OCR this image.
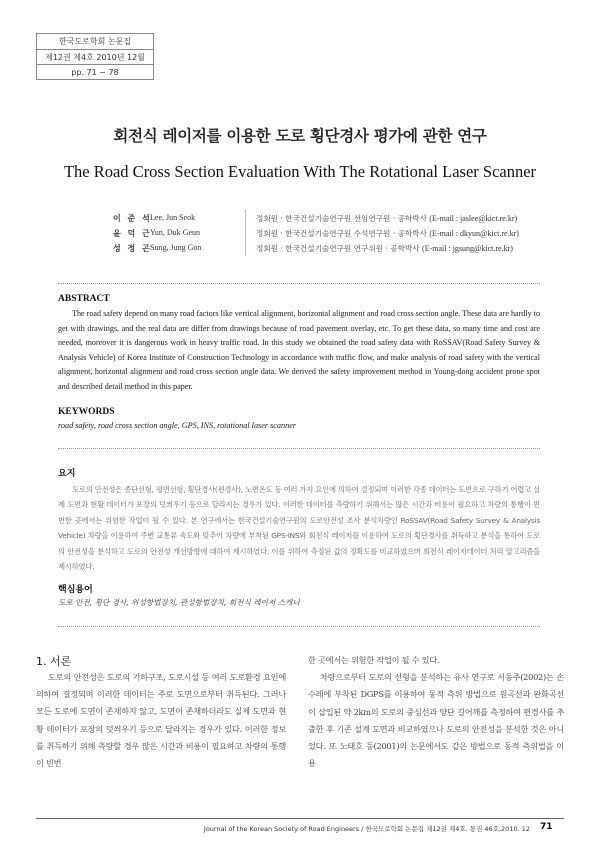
한국도로학회 논문집
제12권 제4호 2010년 12월
pp. 71 ~ 78
회전식 레이저를 이용한 도로 횡단경사 평가에 관한 연구
The Road Cross Section Evaluation With The Rotational Laser Scanner
이 준 석
Lee, Jun Seok	정회원 · 한국건설기술연구원 선임연구원 · 공학박사 (E-mail : jaslee@kict.re.kr)
윤 덕 근
Yun, Duk Geun	정회원 · 한국건설기술연구원 수석연구원 · 공학박사 (E-mail : dkyun@kict.re.kr)
성 정 곤
Sung, Jung Gon	정회원 · 한국건설기술연구원 연구위원 · 공학박사 (E-mail : jgsung@kict.re.kr)
ABSTRACT
The road safety depend on many road factors like vertical alignment, horizontal alignment and road cross section angle. These data are hardly to get with drawings, and the real data are differ from drawings because of road pavement overlay, etc. To get these data, so many time and cost are needed, moreover it is dangerous work in heavy traffic road. In this study we obtained the road safety data with RoSSAV(Road Safety Survey & Analysis Vehicle) of Korea Institute of Construction Technology in accordance with traffic flow, and make analysis of road safety with the vertical alignment, horizontal alignment and road cross section angle data. We derived the safety improvement method in Young-dong accident prone spot and described detail method in this paper.
KEYWORDS
road safety, road cross section angle, GPS, INS, rotational laser scanner
요지
도로의 안전성은 종단선형, 평면선형, 횡단경사(편경사), 노면온도 등 여러 가지 요인에 의하여 결정되며 이러한 각종 데이터는 도면으로 구하기 어렵고 실제 도면과 현황 데이터가 포장의 덧씌우기 등으로 달라지는 경우가 있다. 이러한 데이터를 측량하기 위해서는 많은 시간과 비용이 필요하고 차량의 통행이 빈번한 곳에서는 위험한 작업이 될 수 있다. 본 연구에서는 한국건설기술연구원의 도로안전성 조사 분석차량인 RoSSAV(Road Safety Survey & Analysis Vehicle) 차량을 이용하여 주변 교통류 속도와 맞추어 차량에 부착된 GPS-INS와 회전식 레이저를 이용하여 도로의 횡단경사를 취득하고 분석을 통하여 도로의 안전성을 분석하고 도로의 안전성 개선방향에 대하여 제시하였다. 이를 위하여 측정된 값의 정확도를 비교하였으며 회전식 레이저데이터 처리 알고리즘을 제시하였다.
핵심용어
도로 안전, 횡단 경사, 위성항법장치, 관성항법장치, 회전식 레이저 스캐너
1. 서론
도로의 안전성은 도로의 기하구조, 도로시설 등 여러 도로환경 요인에 의하여 결정되며 이러한 데이터는 주로 도면으로부터 취득된다. 그러나 모든 도로에 도면이 존재하지 않고, 도면이 존재하더라도 실제 도면과 현황 데이터가 포장의 덧씌우기 등으로 달라지는 경우가 있다. 이러한 정보를 취득하기 위해 측량할 경우 많은 시간과 비용이 필요하고 차량의 통행이 빈번
한 곳에서는 위험한 작업이 될 수 있다.
차량으로부터 도로의 선형을 분석하는 유사 연구로 서동주(2002)는 손수레에 부착된 DGPS를 이용하여 동적 측위 방법으로 원곡선과 완화곡선이 삽입된 약 2km의 도로의 중심선과 양단 길어깨를 측정하여 편경사를 추출한 후 기존 설계 도면과 비교하였으나 도로의 안전성을 분석한 것은 아니었다. 또 노태호 등(2001)의 논문에서도 같은 방법으로 동적 측위법을 이용
Journal of the Korean Society of Road Engineers / 한국도로학회 논문집 제12권 제4호. 통권 46호,2010. 12 71
